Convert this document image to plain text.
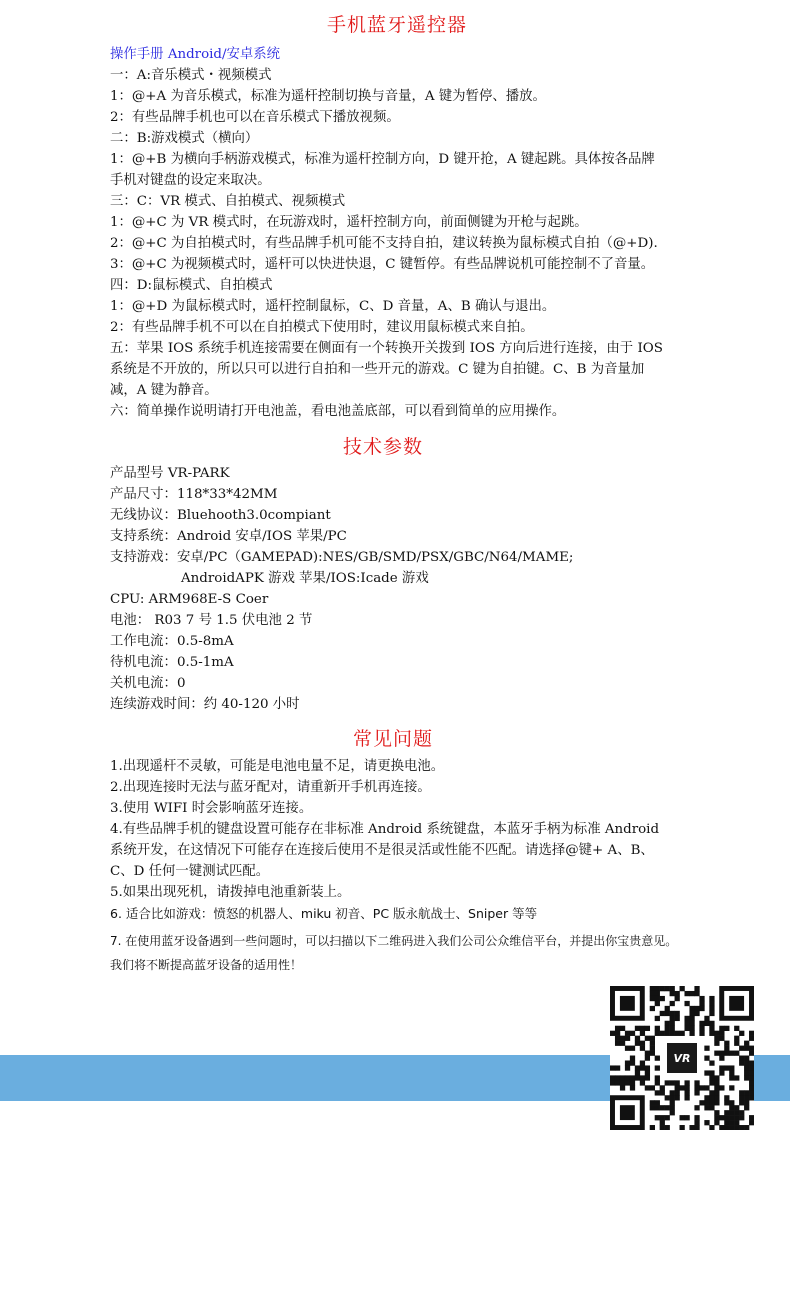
手机蓝牙遥控器
操作手册 Android/安卓系统
一：A:音乐模式・视频模式
1：@+A 为音乐模式，标准为遥杆控制切换与音量，A 键为暂停、播放。
2：有些品牌手机也可以在音乐模式下播放视频。
二：B:游戏模式（横向）
1：@+B 为横向手柄游戏模式，标准为遥杆控制方向，D 键开抢，A 键起跳。具体按各品牌
手机对键盘的设定来取决。
三：C：VR 模式、自拍模式、视频模式
1：@+C 为 VR 模式时，在玩游戏时，遥杆控制方向，前面侧键为开枪与起跳。
2：@+C 为自拍模式时，有些品牌手机可能不支持自拍，建议转换为鼠标模式自拍（@+D).
3：@+C 为视频模式时，遥杆可以快进快退，C 键暂停。有些品牌说机可能控制不了音量。
四：D:鼠标模式、自拍模式
1：@+D 为鼠标模式时，遥杆控制鼠标，C、D 音量，A、B 确认与退出。
2：有些品牌手机不可以在自拍模式下使用时，建议用鼠标模式来自拍。
五：苹果 IOS 系统手机连接需要在侧面有一个转换开关拨到 IOS 方向后进行连接，由于 IOS
系统是不开放的，所以只可以进行自拍和一些开元的游戏。C 键为自拍键。C、B 为音量加
减，A 键为静音。
六：简单操作说明请打开电池盖，看电池盖底部，可以看到简单的应用操作。
技术参数
产品型号 VR-PARK
产品尺寸：118*33*42MM
无线协议：Bluehooth3.0compiant
支持系统：Android 安卓/IOS 苹果/PC
支持游戏：安卓/PC（GAMEPAD):NES/GB/SMD/PSX/GBC/N64/MAME;
AndroidAPK 游戏 苹果/IOS:Icade 游戏
CPU: ARM968E-S Coer
电池： R03 7 号 1.5 伏电池 2 节
工作电流：0.5-8mA
待机电流：0.5-1mA
关机电流：0
连续游戏时间：约 40-120 小时
常见问题
1.出现遥杆不灵敏，可能是电池电量不足，请更换电池。
2.出现连接时无法与蓝牙配对，请重新开手机再连接。
3.使用 WIFI 时会影响蓝牙连接。
4.有些品牌手机的键盘设置可能存在非标准 Android 系统键盘，本蓝牙手柄为标准 Android
系统开发，在这情况下可能存在连接后使用不是很灵活或性能不匹配。请选择@键+ A、B、
C、D 任何一键测试匹配。
5.如果出现死机，请拨掉电池重新装上。
6. 适合比如游戏：愤怒的机器人、miku 初音、PC 版永航战士、Sniper 等等
7. 在使用蓝牙设备遇到一些问题时，可以扫描以下二维码进入我们公司公众维信平台，并提出你宝贵意见。
我们将不断提高蓝牙设备的适用性！
VR
